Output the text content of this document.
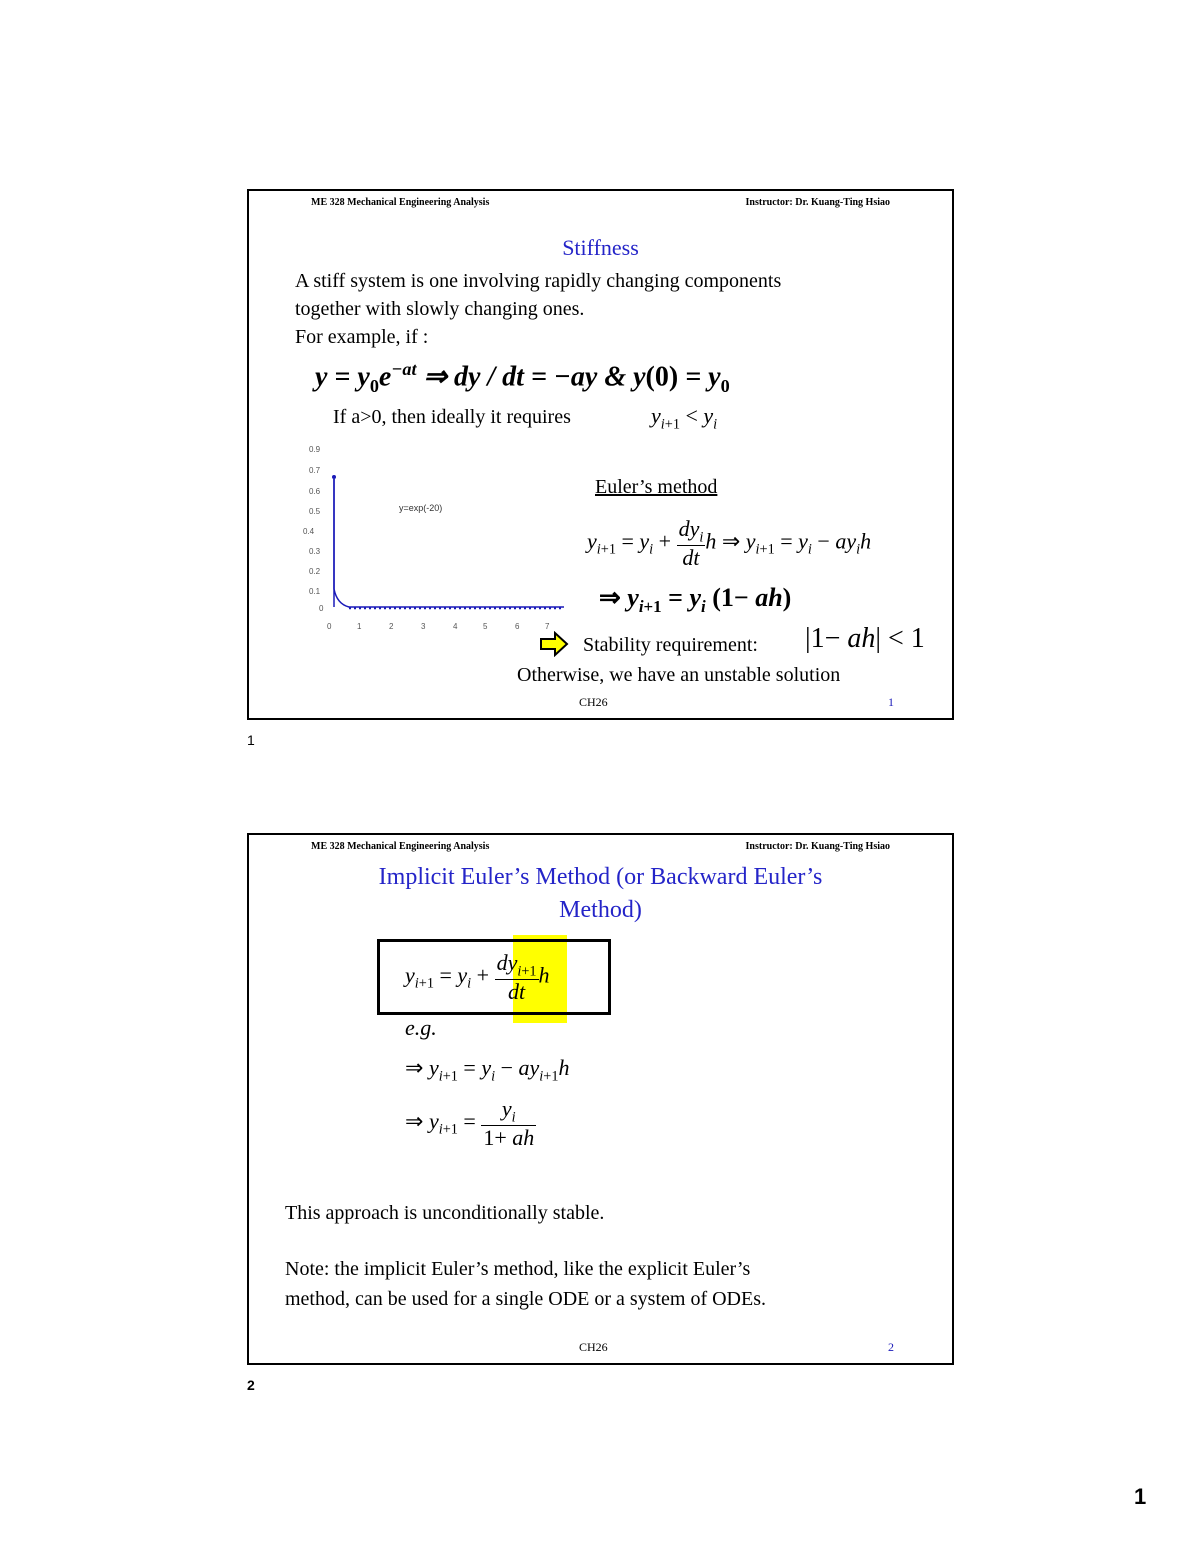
ME 328 Mechanical Engineering Analysis	Instructor: Dr. Kuang-Ting Hsiao
Stiffness
A stiff system is one involving rapidly changing components
together with slowly changing ones.
For example, if :
$y = y_0e^{-at}$ ⇒ dy / dt = −ay & $y(0) = y_0$
If a>0, then ideally it requires	$y_{i+1} < y_i$
0.9
0.7
0.6
0.5
0.4
0.3
0.2
0.1
0
0	1	2	3	4	5	6	7
y=exp(-20)
Euler’s method
$y_{i+1} = y_i + \frac{dy_i}{dt}$ h ⇒ $y_{i+1} = y_i - ay_ih$
⇒ $y_{i+1} = y_i$ (1− ah)
Stability requirement: |1− ah| < 1
Otherwise, we have an unstable solution
CH26	1
1
ME 328 Mechanical Engineering Analysis	Instructor: Dr. Kuang-Ting Hsiao
Implicit Euler’s Method (or Backward Euler’s
Method)
$y_{i+1} = y_i + \frac{dy_{i+1}}{dt}$ h
e.g.
⇒ $y_{i+1} = y_i - ay_{i+1}h$
⇒ $y_{i+1} = \frac{y_i}{1+ ah}$
This approach is unconditionally stable.
Note: the implicit Euler’s method, like the explicit Euler’s
method, can be used for a single ODE or a system of ODEs.
CH26	2
2
1
